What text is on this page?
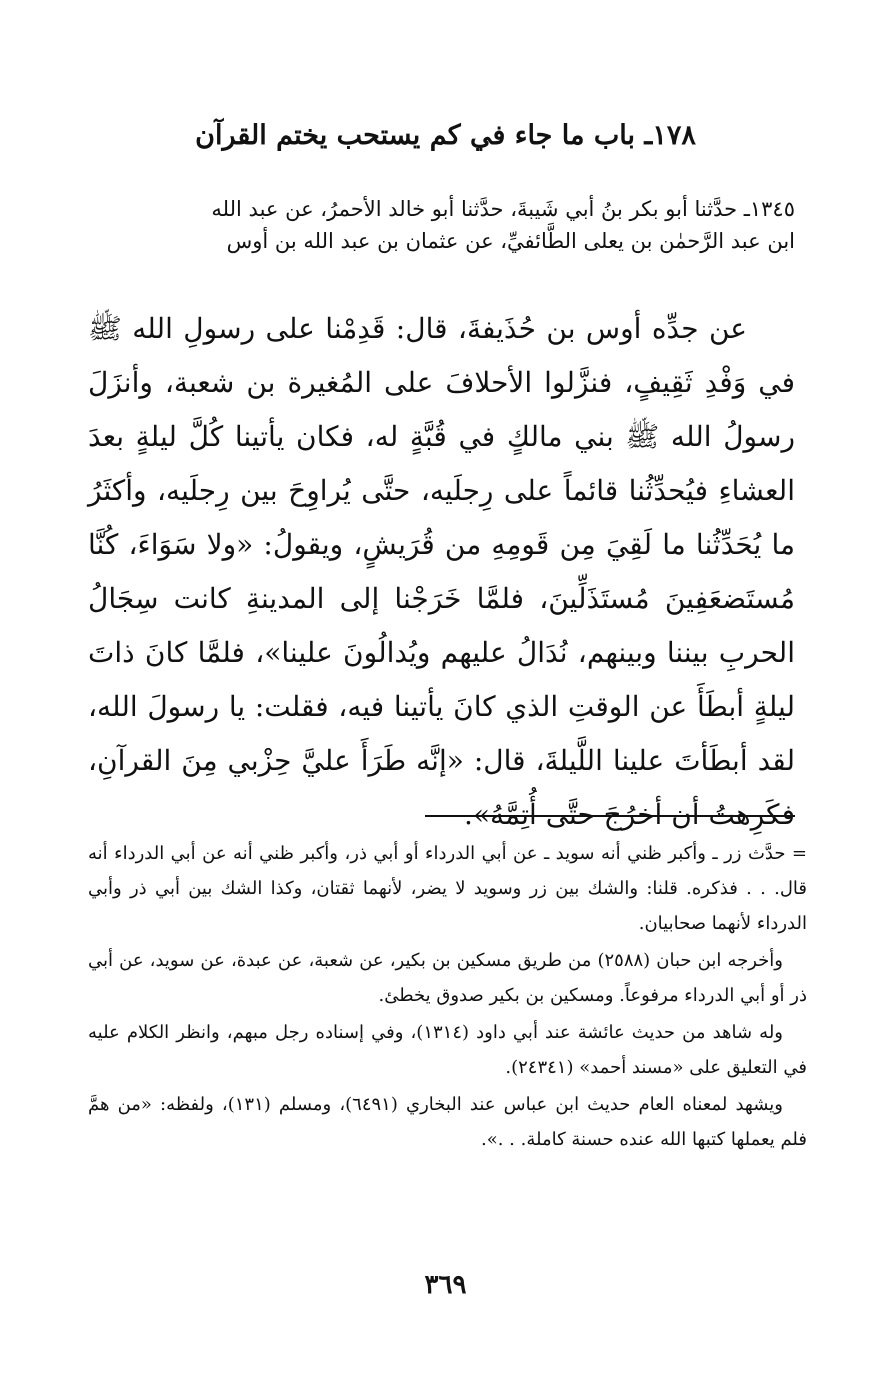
١٧٨ـ باب ما جاء في كم يستحب يختم القرآن

١٣٤٥ـ حدَّثنا أبو بكر بنُ أبي شَيبةَ، حدَّثنا أبو خالد الأحمرُ، عن عبد الله

ابن عبد الرَّحمٰن بن يعلى الطَّائفيِّ، عن عثمان بن عبد الله بن أوس

عن جدِّه أوس بن حُذَيفةَ، قال: قَدِمْنا على رسولِ الله ﷺ في وَفْدِ ثَقِيفٍ، فنزَّلوا الأحلافَ على المُغيرة بن شعبة، وأنزَلَ رسولُ الله ﷺ بني مالكٍ في قُبَّةٍ له، فكان يأتينا كُلَّ ليلةٍ بعدَ العشاءِ فيُحدِّثُنا قائماً على رِجلَيه، حتَّى يُراوِحَ بين رِجلَيه، وأكثَرُ ما يُحَدِّثُنا ما لَقِيَ مِن قَومِهِ من قُرَيشٍ، ويقولُ: «ولا سَوَاءَ، كُنَّا مُستَضعَفِينَ مُستَذَلِّينَ، فلمَّا خَرَجْنا إلى المدينةِ كانت سِجَالُ الحربِ بيننا وبينهم، نُدَالُ عليهم ويُدالُونَ علينا»، فلمَّا كانَ ذاتَ ليلةٍ أبطَأَ عن الوقتِ الذي كانَ يأتينا فيه، فقلت: يا رسولَ الله، لقد أبطَأتَ علينا اللَّيلةَ، قال: «إنَّه طَرَأَ عليَّ حِزْبي مِنَ القرآنِ، فكَرِهتُ أن أخرُجَ حتَّى أُتِمَّهُ».

= حدَّث زر ـ وأكبر ظني أنه سويد ـ عن أبي الدرداء أو أبي ذر، وأكبر ظني أنه عن أبي الدرداء أنه قال. . . فذكره. قلنا: والشك بين زر وسويد لا يضر، لأنهما ثقتان، وكذا الشك بين أبي ذر وأبي الدرداء لأنهما صحابيان.

وأخرجه ابن حبان (٢٥٨٨) من طريق مسكين بن بكير، عن شعبة، عن عبدة، عن سويد، عن أبي ذر أو أبي الدرداء مرفوعاً. ومسكين بن بكير صدوق يخطئ.

وله شاهد من حديث عائشة عند أبي داود (١٣١٤)، وفي إسناده رجل مبهم، وانظر الكلام عليه في التعليق على «مسند أحمد» (٢٤٣٤١).

ويشهد لمعناه العام حديث ابن عباس عند البخاري (٦٤٩١)، ومسلم (١٣١)، ولفظه: «من همَّ فلم يعملها كتبها الله عنده حسنة كاملة. . .».

٣٦٩
